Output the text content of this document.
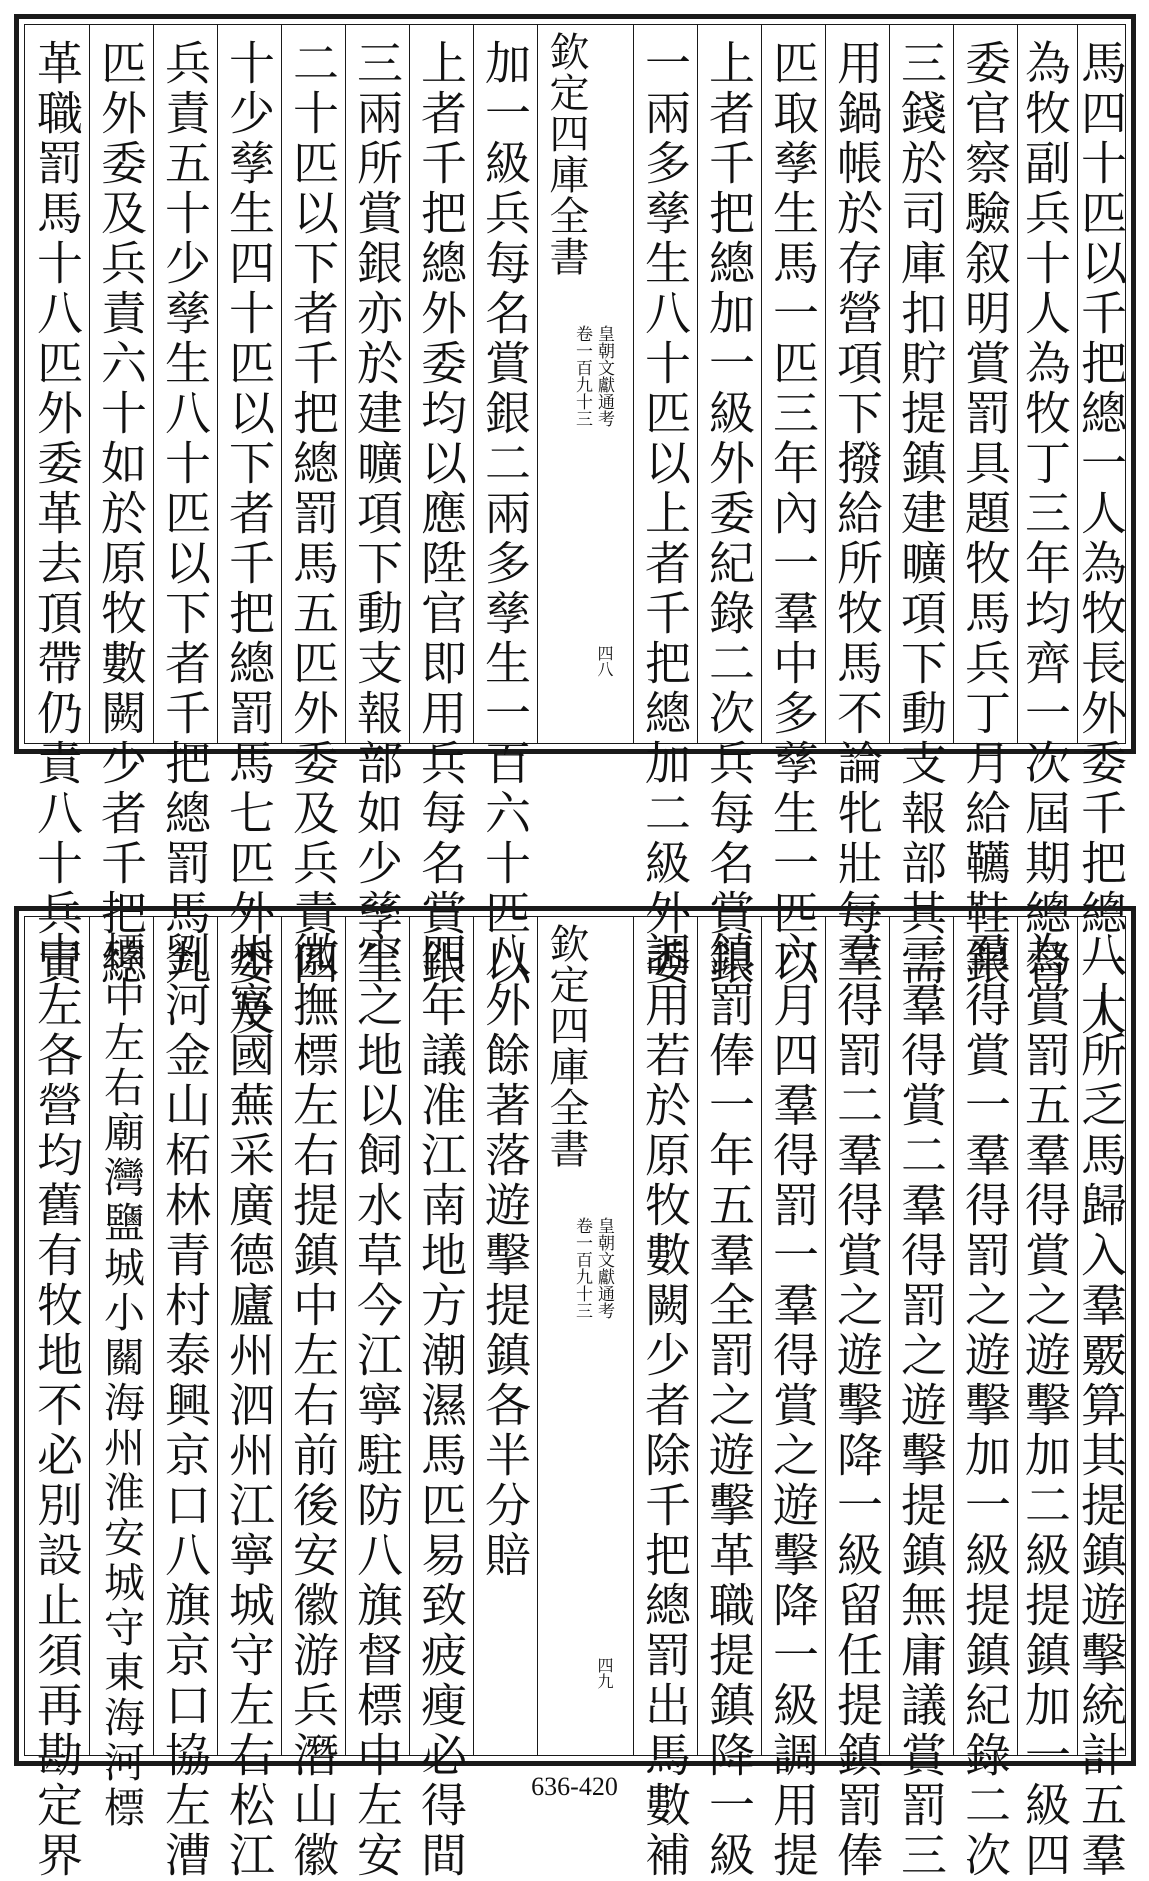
革職罰馬十八匹外委革去頂帶仍責八十兵責 匹外委及兵責六十如於原牧數闕少者千把總 兵責五十少孳生八十匹以下者千把總罰馬九 十少孳生四十匹以下者千把總罰馬七匹外委及 二十匹以下者千把總罰馬五匹外委及兵責四 三兩所賞銀亦於建曠項下動支報部如少孳生 上者千把總外委均以應陞官即用兵每名賞銀 加一級兵每名賞銀二兩多孳生一百六十匹以 欽定四庫全書
皇朝文獻通考
卷一百九十三
四八 一兩多孳生八十匹以上者千把總加二級外委 上者千把總加一級外委紀錄二次兵每名賞銀 匹取孳生馬一匹三年內一羣中多孳生一匹以 用鍋帳於存營項下撥給所牧馬不論牝壯每三 三錢於司庫扣貯提鎮建曠項下動支報部其需 委官察驗叙明賞罰具題牧馬兵丁月給韉鞋銀 為牧副兵十人為牧丁三年均齊一次屆期總督 馬四十匹以千把總一人為牧長外委千把總一人
中左各營均舊有牧地不必別設止須再勘定界 標中左右廟灣鹽城小關海州淮安城守東海河標 劉河金山柘林青村泰興京口八旗京口協左漕 州寧國蕪采廣德廬州泗州江寧城守左右松江 徽撫標左右提鎮中左右前後安徽游兵潛山徽 空之地以飼水草今江寧駐防八旗督標中左安 四年議准江南地方潮濕馬匹易致疲瘦必得間 八外餘著落遊擊提鎮各半分賠 欽定四庫全書
皇朝文獻通考
卷一百九十三
四九 調用若於原牧數闕少者除千把總罰出馬數補 鎮罰俸一年五羣全罰之遊擊革職提鎮降一級 六月四羣得罰一羣得賞之遊擊降一級調用提 羣得罰二羣得賞之遊擊降一級留任提鎮罰俸 三羣得賞二羣得罰之遊擊提鎮無庸議賞罰三 羣得賞一羣得罰之遊擊加一級提鎮紀錄二次 為賞罰五羣得賞之遊擊加二級提鎮加一級四 八十所乏馬歸入羣覈算其提鎮遊擊統計五羣
636-420
